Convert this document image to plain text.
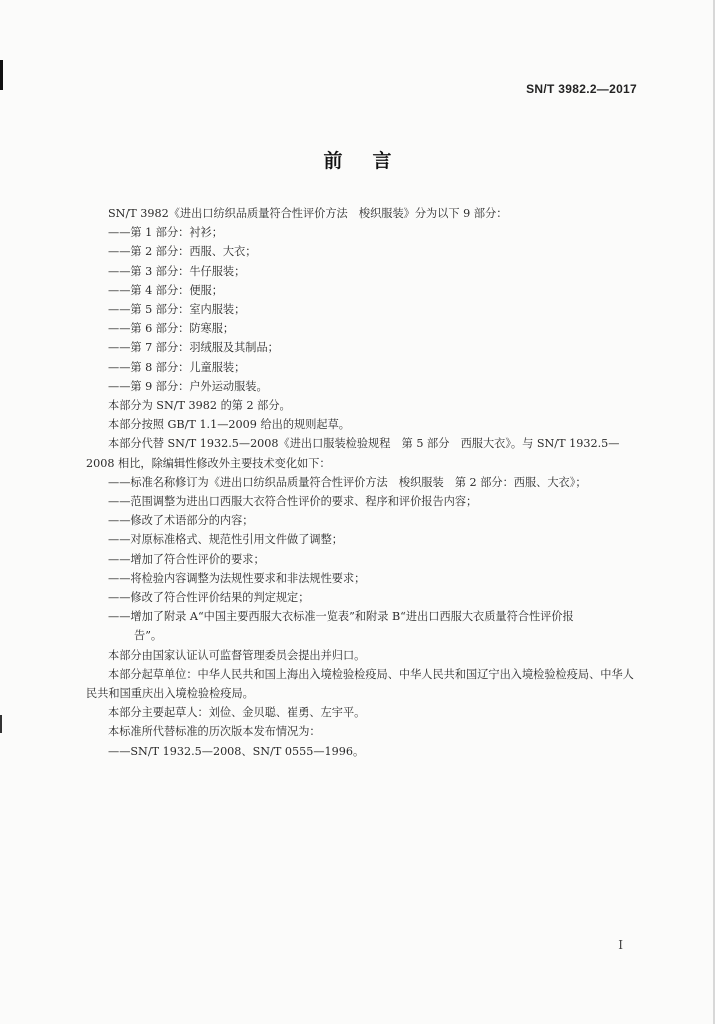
SN/T 3982.2—2017
前言

SN/T 3982《进出口纺织品质量符合性评价方法　梭织服装》分为以下 9 部分：

——第 1 部分：衬衫；

——第 2 部分：西服、大衣；

——第 3 部分：牛仔服装；

——第 4 部分：便服；

——第 5 部分：室内服装；

——第 6 部分：防寒服；

——第 7 部分：羽绒服及其制品；

——第 8 部分：儿童服装；

——第 9 部分：户外运动服装。

本部分为 SN/T 3982 的第 2 部分。

本部分按照 GB/T 1.1—2009 给出的规则起草。

本部分代替 SN/T 1932.5—2008《进出口服装检验规程　第 5 部分　西服大衣》。与 SN/T 1932.5—2008 相比，除编辑性修改外主要技术变化如下：

——标准名称修订为《进出口纺织品质量符合性评价方法　梭织服装　第 2 部分：西服、大衣》；

——范围调整为进出口西服大衣符合性评价的要求、程序和评价报告内容；

——修改了术语部分的内容；

——对原标准格式、规范性引用文件做了调整；

——增加了符合性评价的要求；

——将检验内容调整为法规性要求和非法规性要求；

——修改了符合性评价结果的判定规定；

——增加了附录 A“中国主要西服大衣标准一览表”和附录 B“进出口西服大衣质量符合性评价报
告”。

本部分由国家认证认可监督管理委员会提出并归口。

本部分起草单位：中华人民共和国上海出入境检验检疫局、中华人民共和国辽宁出入境检验检疫局、中华人民共和国重庆出入境检验检疫局。

本部分主要起草人：刘俭、金贝聪、崔勇、左宇平。

本标准所代替标准的历次版本发布情况为：

——SN/T 1932.5—2008、SN/T 0555—1996。

I
